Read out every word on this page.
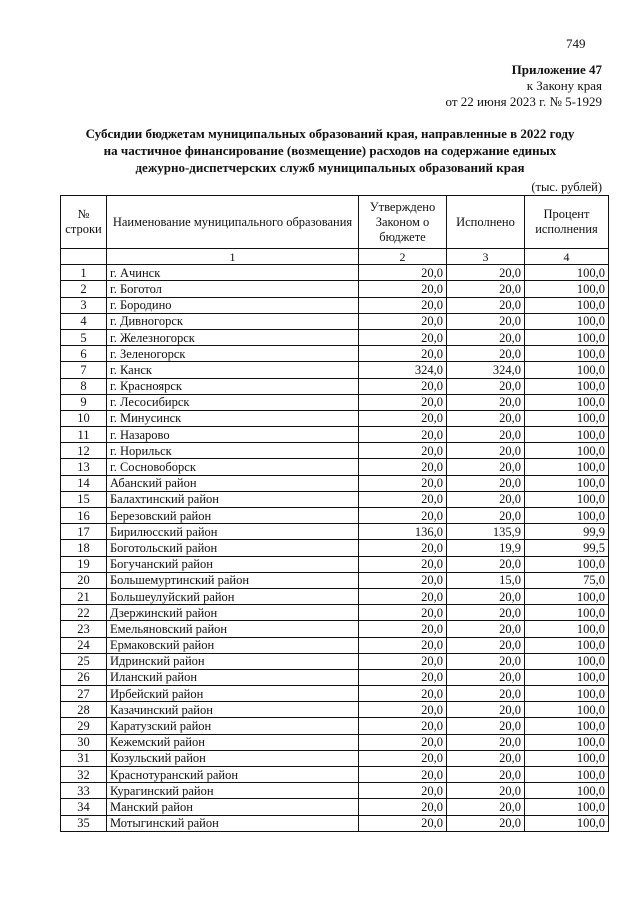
749
Приложение 47
к Закону края
от 22 июня 2023 г. № 5-1929
Субсидии бюджетам муниципальных образований края, направленные в 2022 году
на частичное финансирование (возмещение) расходов на содержание единых
дежурно-диспетчерских служб муниципальных образований края
(тыс. рублей)
№ строки	Наименование муниципального образования	Утверждено Законом о бюджете	Исполнено	Процент исполнения
	1	2	3	4
1	г. Ачинск	20,0	20,0	100,0
2	г. Боготол	20,0	20,0	100,0
3	г. Бородино	20,0	20,0	100,0
4	г. Дивногорск	20,0	20,0	100,0
5	г. Железногорск	20,0	20,0	100,0
6	г. Зеленогорск	20,0	20,0	100,0
7	г. Канск	324,0	324,0	100,0
8	г. Красноярск	20,0	20,0	100,0
9	г. Лесосибирск	20,0	20,0	100,0
10	г. Минусинск	20,0	20,0	100,0
11	г. Назарово	20,0	20,0	100,0
12	г. Норильск	20,0	20,0	100,0
13	г. Сосновоборск	20,0	20,0	100,0
14	Абанский район	20,0	20,0	100,0
15	Балахтинский район	20,0	20,0	100,0
16	Березовский район	20,0	20,0	100,0
17	Бирилюсский район	136,0	135,9	99,9
18	Боготольский район	20,0	19,9	99,5
19	Богучанский район	20,0	20,0	100,0
20	Большемуртинский район	20,0	15,0	75,0
21	Большеулуйский район	20,0	20,0	100,0
22	Дзержинский район	20,0	20,0	100,0
23	Емельяновский район	20,0	20,0	100,0
24	Ермаковский район	20,0	20,0	100,0
25	Идринский район	20,0	20,0	100,0
26	Иланский район	20,0	20,0	100,0
27	Ирбейский район	20,0	20,0	100,0
28	Казачинский район	20,0	20,0	100,0
29	Каратузский район	20,0	20,0	100,0
30	Кежемский район	20,0	20,0	100,0
31	Козульский район	20,0	20,0	100,0
32	Краснотуранский район	20,0	20,0	100,0
33	Курагинский район	20,0	20,0	100,0
34	Манский район	20,0	20,0	100,0
35	Мотыгинский район	20,0	20,0	100,0
